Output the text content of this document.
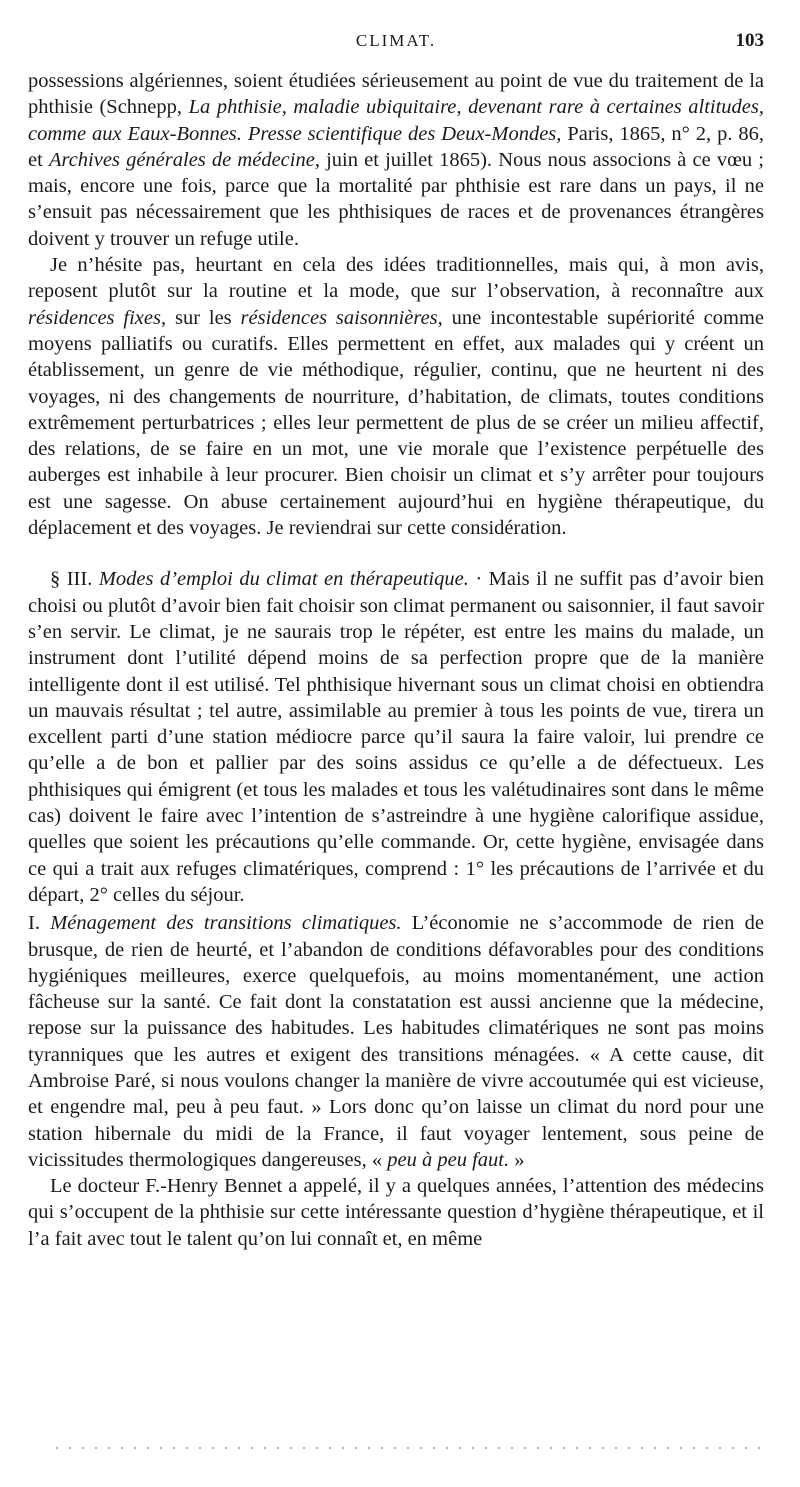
CLIMAT.	103

possessions algériennes, soient étudiées sérieusement au point de vue du traitement de la phthisie (Schnepp, La phthisie, maladie ubiquitaire, devenant rare à certaines altitudes, comme aux Eaux-Bonnes. Presse scientifique des Deux-Mondes, Paris, 1865, n° 2, p. 86, et Archives générales de médecine, juin et juillet 1865). Nous nous associons à ce vœu ; mais, encore une fois, parce que la mortalité par phthisie est rare dans un pays, il ne s’ensuit pas nécessairement que les phthisiques de races et de provenances étrangères doivent y trouver un refuge utile.

Je n’hésite pas, heurtant en cela des idées traditionnelles, mais qui, à mon avis, reposent plutôt sur la routine et la mode, que sur l’observation, à reconnaître aux résidences fixes, sur les résidences saisonnières, une incontestable supériorité comme moyens palliatifs ou curatifs. Elles permettent en effet, aux malades qui y créent un établissement, un genre de vie méthodique, régulier, continu, que ne heurtent ni des voyages, ni des changements de nourriture, d’habitation, de climats, toutes conditions extrêmement perturbatrices ; elles leur permettent de plus de se créer un milieu affectif, des relations, de se faire en un mot, une vie morale que l’existence perpétuelle des auberges est inhabile à leur procurer. Bien choisir un climat et s’y arrêter pour toujours est une sagesse. On abuse certainement aujourd’hui en hygiène thérapeutique, du déplacement et des voyages. Je reviendrai sur cette considération.

§ III. Modes d’emploi du climat en thérapeutique. · Mais il ne suffit pas d’avoir bien choisi ou plutôt d’avoir bien fait choisir son climat permanent ou saisonnier, il faut savoir s’en servir. Le climat, je ne saurais trop le répéter, est entre les mains du malade, un instrument dont l’utilité dépend moins de sa perfection propre que de la manière intelligente dont il est utilisé. Tel phthisique hivernant sous un climat choisi en obtiendra un mauvais résultat ; tel autre, assimilable au premier à tous les points de vue, tirera un excellent parti d’une station médiocre parce qu’il saura la faire valoir, lui prendre ce qu’elle a de bon et pallier par des soins assidus ce qu’elle a de défectueux. Les phthisiques qui émigrent (et tous les malades et tous les valétudinaires sont dans le même cas) doivent le faire avec l’intention de s’astreindre à une hygiène calorifique assidue, quelles que soient les précautions qu’elle commande. Or, cette hygiène, envisagée dans ce qui a trait aux refuges climatériques, comprend : 1° les précautions de l’arrivée et du départ, 2° celles du séjour.

I. Ménagement des transitions climatiques. L’économie ne s’accommode de rien de brusque, de rien de heurté, et l’abandon de conditions défavorables pour des conditions hygiéniques meilleures, exerce quelquefois, au moins momentanément, une action fâcheuse sur la santé. Ce fait dont la constatation est aussi ancienne que la médecine, repose sur la puissance des habitudes. Les habitudes climatériques ne sont pas moins tyranniques que les autres et exigent des transitions ménagées. « A cette cause, dit Ambroise Paré, si nous voulons changer la manière de vivre accoutumée qui est vicieuse, et engendre mal, peu à peu faut. » Lors donc qu’on laisse un climat du nord pour une station hibernale du midi de la France, il faut voyager lentement, sous peine de vicissitudes thermologiques dangereuses, « peu à peu faut. »

Le docteur F.-Henry Bennet a appelé, il y a quelques années, l’attention des médecins qui s’occupent de la phthisie sur cette intéressante question d’hygiène thérapeutique, et il l’a fait avec tout le talent qu’on lui connaît et, en même
